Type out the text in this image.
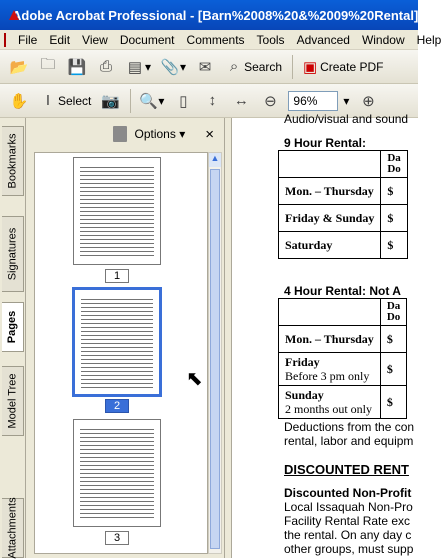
Adobe Acrobat Professional - [Barn%2008%20&%2009%20Rental]
File	Edit	View	Document	Comments	Tools	Advanced	Window	Help
📂 🗀 💾 ⎙ ▤ ▾ 📎 ▾ ✉	⌕ Search ▣ Create PDF
✋	I Select 📷 🔍 ▾ ▯	↕	↔ ⊖	96%	▾ ⊕
Bookmarks
Signatures
Pages
Model Tree
Attachments
Options ▾ ×
1
2
3
▲
Audio/visual and sound
9 Hour Rental:
	Da
Do
Mon. – Thursday	$
Friday & Sunday	$
Saturday	$
4 Hour Rental: Not A
	Da
Do
Mon. – Thursday	$
Friday
Before 3 pm only	$
Sunday
2 months out only	$
Deductions from the con
rental, labor and equipm
DISCOUNTED RENT
Discounted Non-Profit
Local Issaquah Non-Pro
Facility Rental Rate exc
the rental. On any day c
other groups, must supp
⬉
